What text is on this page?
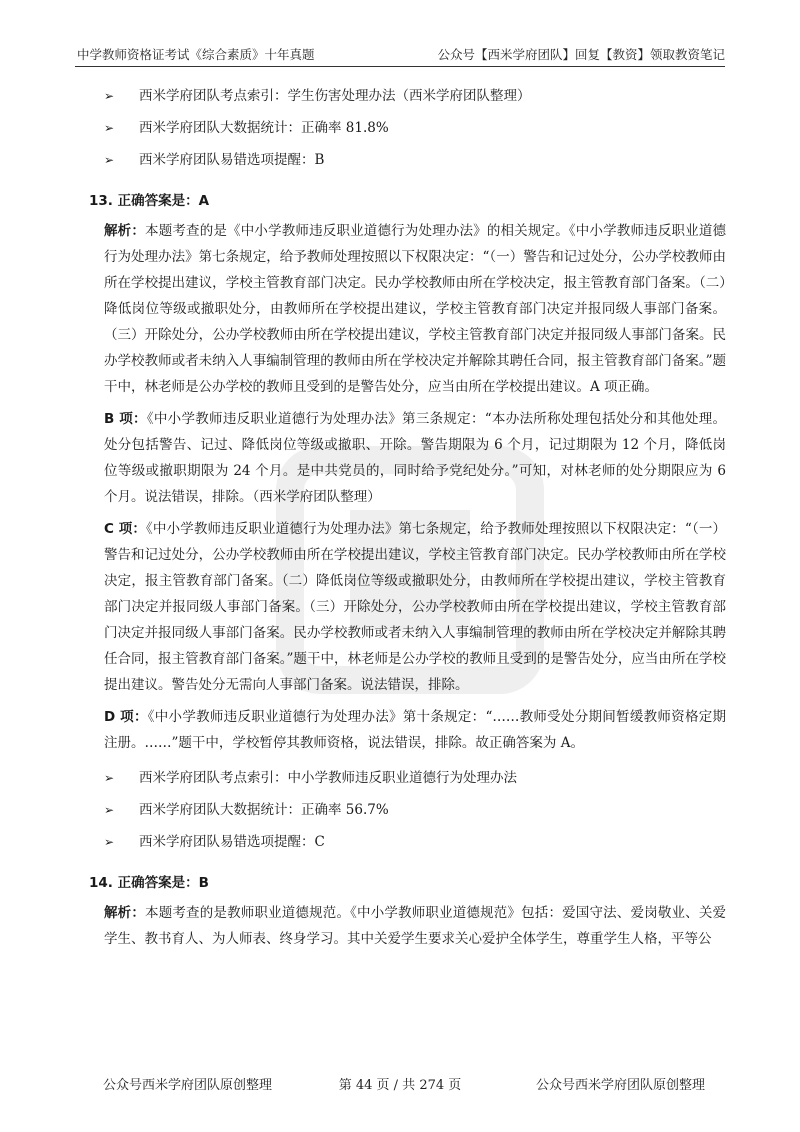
中学教师资格证考试《综合素质》十年真题	公众号【西米学府团队】回复【教资】领取教资笔记
➢ 西米学府团队考点索引：学生伤害处理办法（西米学府团队整理）
➢ 西米学府团队大数据统计：正确率 81.8%
➢ 西米学府团队易错选项提醒：B
13. 正确答案是：A

解析：本题考查的是《中小学教师违反职业道德行为处理办法》的相关规定。《中小学教师违反职业道德行为处理办法》第七条规定，给予教师处理按照以下权限决定：“（一）警告和记过处分，公办学校教师由所在学校提出建议，学校主管教育部门决定。民办学校教师由所在学校决定，报主管教育部门备案。（二）降低岗位等级或撤职处分，由教师所在学校提出建议，学校主管教育部门决定并报同级人事部门备案。（三）开除处分，公办学校教师由所在学校提出建议，学校主管教育部门决定并报同级人事部门备案。民办学校教师或者未纳入人事编制管理的教师由所在学校决定并解除其聘任合同，报主管教育部门备案。”题干中，林老师是公办学校的教师且受到的是警告处分，应当由所在学校提出建议。A 项正确。

B 项：《中小学教师违反职业道德行为处理办法》第三条规定：“本办法所称处理包括处分和其他处理。处分包括警告、记过、降低岗位等级或撤职、开除。警告期限为 6 个月，记过期限为 12 个月，降低岗位等级或撤职期限为 24 个月。是中共党员的，同时给予党纪处分。”可知，对林老师的处分期限应为 6 个月。说法错误，排除。（西米学府团队整理）

C 项：《中小学教师违反职业道德行为处理办法》第七条规定，给予教师处理按照以下权限决定：“（一）警告和记过处分，公办学校教师由所在学校提出建议，学校主管教育部门决定。民办学校教师由所在学校决定，报主管教育部门备案。（二）降低岗位等级或撤职处分，由教师所在学校提出建议，学校主管教育部门决定并报同级人事部门备案。（三）开除处分，公办学校教师由所在学校提出建议，学校主管教育部门决定并报同级人事部门备案。民办学校教师或者未纳入人事编制管理的教师由所在学校决定并解除其聘任合同，报主管教育部门备案。”题干中，林老师是公办学校的教师且受到的是警告处分，应当由所在学校提出建议。警告处分无需向人事部门备案。说法错误，排除。

D 项：《中小学教师违反职业道德行为处理办法》第十条规定：“……教师受处分期间暂缓教师资格定期注册。……”题干中，学校暂停其教师资格，说法错误，排除。故正确答案为 A。

➢ 西米学府团队考点索引：中小学教师违反职业道德行为处理办法
➢ 西米学府团队大数据统计：正确率 56.7%
➢ 西米学府团队易错选项提醒：C
14. 正确答案是：B

解析：本题考查的是教师职业道德规范。《中小学教师职业道德规范》包括：爱国守法、爱岗敬业、关爱学生、教书育人、为人师表、终身学习。其中关爱学生要求关心爱护全体学生，尊重学生人格，平等公

公众号西米学府团队原创整理	第 44 页 / 共 274 页	公众号西米学府团队原创整理
